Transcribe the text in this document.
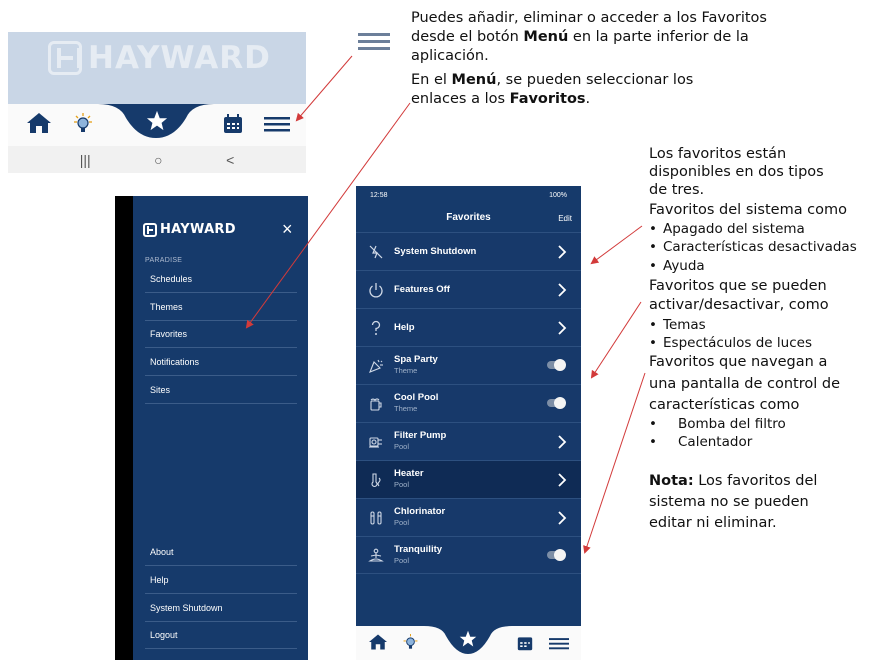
HAYWARD
|||	○	<
HAYWARD	×
PARADISE
Schedules
Themes
Favorites
Notifications
Sites
About
Help
System Shutdown
Logout
12:58	100%
Favorites	Edit
System Shutdown
Features Off
Help
Spa Party
Theme
Cool Pool
Theme
Filter Pump
Pool
Heater
Pool
Chlorinator
Pool
Tranquility
Pool
Puedes añadir, eliminar o acceder a los Favoritos
desde el botón Menú en la parte inferior de la
aplicación.
En el Menú, se pueden seleccionar los
enlaces a los Favoritos.
Los favoritos están
disponibles en dos tipos
de tres.
Favoritos del sistema como
• Apagado del sistema
• Características desactivadas
• Ayuda
Favoritos que se pueden
activar/desactivar, como
• Temas
• Espectáculos de luces
Favoritos que navegan a
una pantalla de control de
características como
• Bomba del filtro
• Calentador
Nota: Los favoritos del
sistema no se pueden
editar ni eliminar.
